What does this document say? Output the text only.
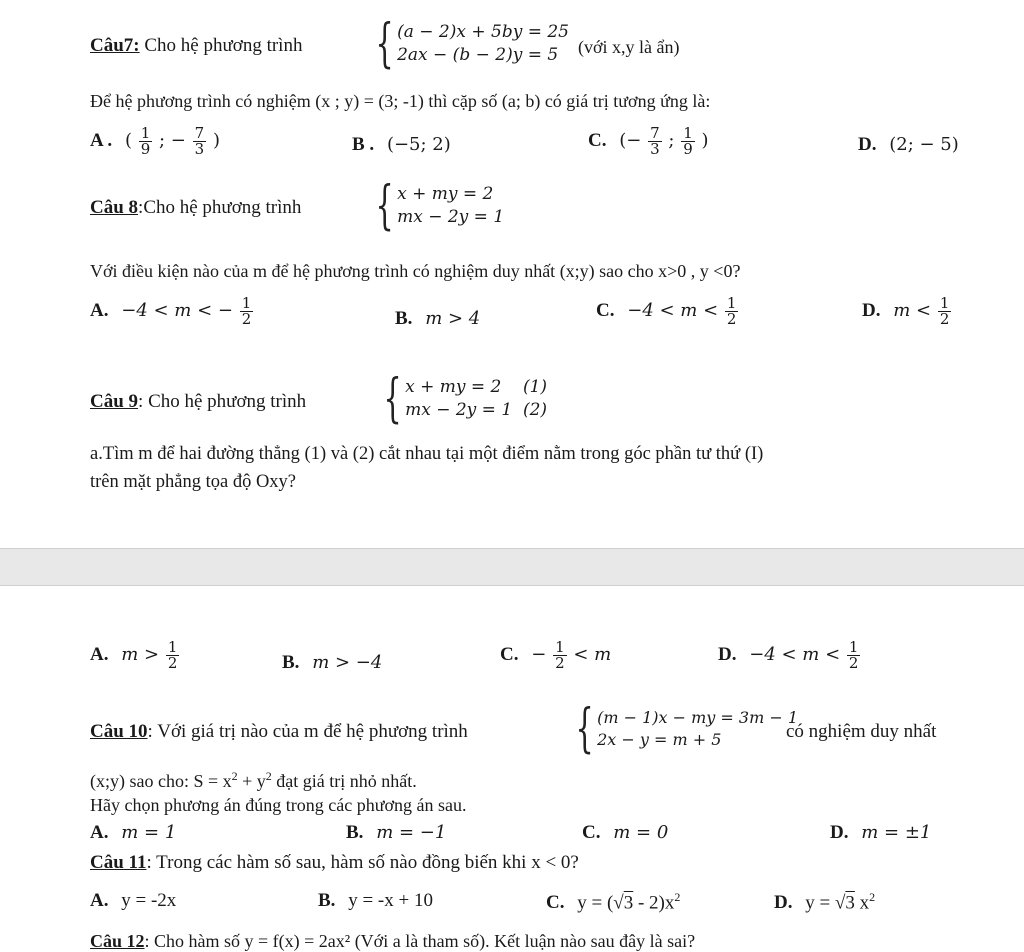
Câu7: Cho hệ phương trình { (a − 2)x + 5by = 25
2ax − (b − 2)y = 5	(với x,y là ẩn)
Để hệ phương trình có nghiệm (x ; y) = (3; -1) thì cặp số (a; b) có giá trị tương ứng là:
A . ( $\frac{1}{9}$ ; − $\frac{7}{3}$ )	B . (−5; 2)	C. (− $\frac{7}{3}$ ; $\frac{1}{9}$ )	D. (2; − 5)
Câu 8:Cho hệ phương trình { x + my = 2
mx − 2y = 1
Với điều kiện nào của m để hệ phương trình có nghiệm duy nhất (x;y) sao cho x>0 , y <0?
A. −4 < m < − $\frac{1}{2}$	B. m > 4	C. $-4 < m < \frac{1}{2}$	D. $m < \frac{1}{2}$
Câu 9: Cho hệ phương trình { x + my = 2    (1)
mx − 2y = 1  (2)
a.Tìm m để hai đường thẳng (1) và (2) cắt nhau tại một điểm nằm trong góc phần tư thứ (I)
trên mặt phẳng tọa độ Oxy?
A. $m > \frac{1}{2}$	B. m > −4	C. − $\frac{1}{2} < m$	D. $-4 < m < \frac{1}{2}$
Câu 10: Với giá trị nào của m để hệ phương trình { (m − 1)x − my = 3m − 1
2x − y = m + 5	có nghiệm duy nhất
(x;y) sao cho: $S = x^2 + y^2$ đạt giá trị nhỏ nhất.
Hãy chọn phương án đúng trong các phương án sau.
A. m = 1	B. m = −1	C. m = 0	D. m = ±1
Câu 11: Trong các hàm số sau, hàm số nào đồng biến khi x < 0?
A. y = -2x	B. y = -x + 10	C. $y = (√3 - 2)x^2$	D. y = √3 $x^2$
Câu 12: Cho hàm số y = f(x) = 2ax² (Với a là tham số). Kết luận nào sau đây là sai?
